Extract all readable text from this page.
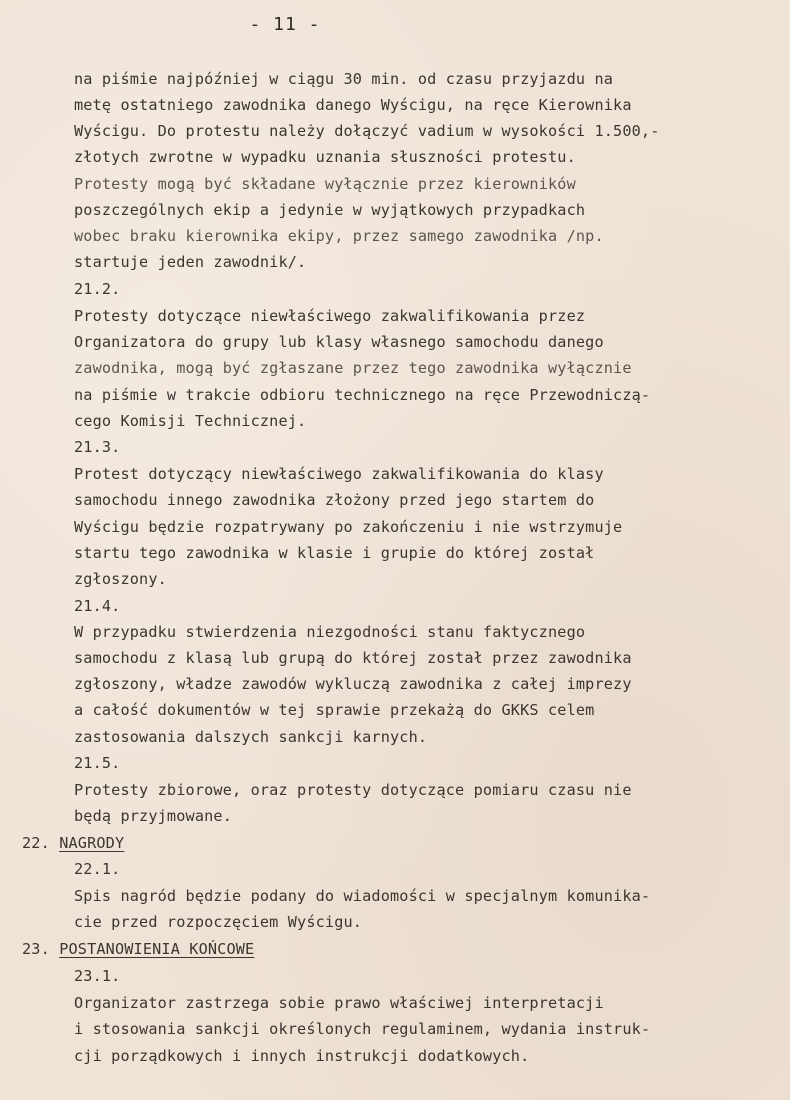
- 11 -
na piśmie najpóźniej w ciągu 30 min. od czasu przyjazdu na
metę ostatniego zawodnika danego Wyścigu, na ręce Kierownika
Wyścigu. Do protestu należy dołączyć vadium w wysokości 1.500,-
złotych zwrotne w wypadku uznania słuszności protestu.
Protesty mogą być składane wyłącznie przez kierowników
poszczególnych ekip a jedynie w wyjątkowych przypadkach
wobec braku kierownika ekipy, przez samego zawodnika /np.
startuje jeden zawodnik/.
21.2.
Protesty dotyczące niewłaściwego zakwalifikowania przez
Organizatora do grupy lub klasy własnego samochodu danego
zawodnika, mogą być zgłaszane przez tego zawodnika wyłącznie
na piśmie w trakcie odbioru technicznego na ręce Przewodniczą-
cego Komisji Technicznej.
21.3.
Protest dotyczący niewłaściwego zakwalifikowania do klasy
samochodu innego zawodnika złożony przed jego startem do
Wyścigu będzie rozpatrywany po zakończeniu i nie wstrzymuje
startu tego zawodnika w klasie i grupie do której został
zgłoszony.
21.4.
W przypadku stwierdzenia niezgodności stanu faktycznego
samochodu z klasą lub grupą do której został przez zawodnika
zgłoszony, władze zawodów wykluczą zawodnika z całej imprezy
a całość dokumentów w tej sprawie przekażą do GKKS celem
zastosowania dalszych sankcji karnych.
21.5.
Protesty zbiorowe, oraz protesty dotyczące pomiaru czasu nie
będą przyjmowane.
22. NAGRODY
22.1.
Spis nagród będzie podany do wiadomości w specjalnym komunika-
cie przed rozpoczęciem Wyścigu.
23. POSTANOWIENIA KOŃCOWE
23.1.
Organizator zastrzega sobie prawo właściwej interpretacji
i stosowania sankcji określonych regulaminem, wydania instruk-
cji porządkowych i innych instrukcji dodatkowych.
